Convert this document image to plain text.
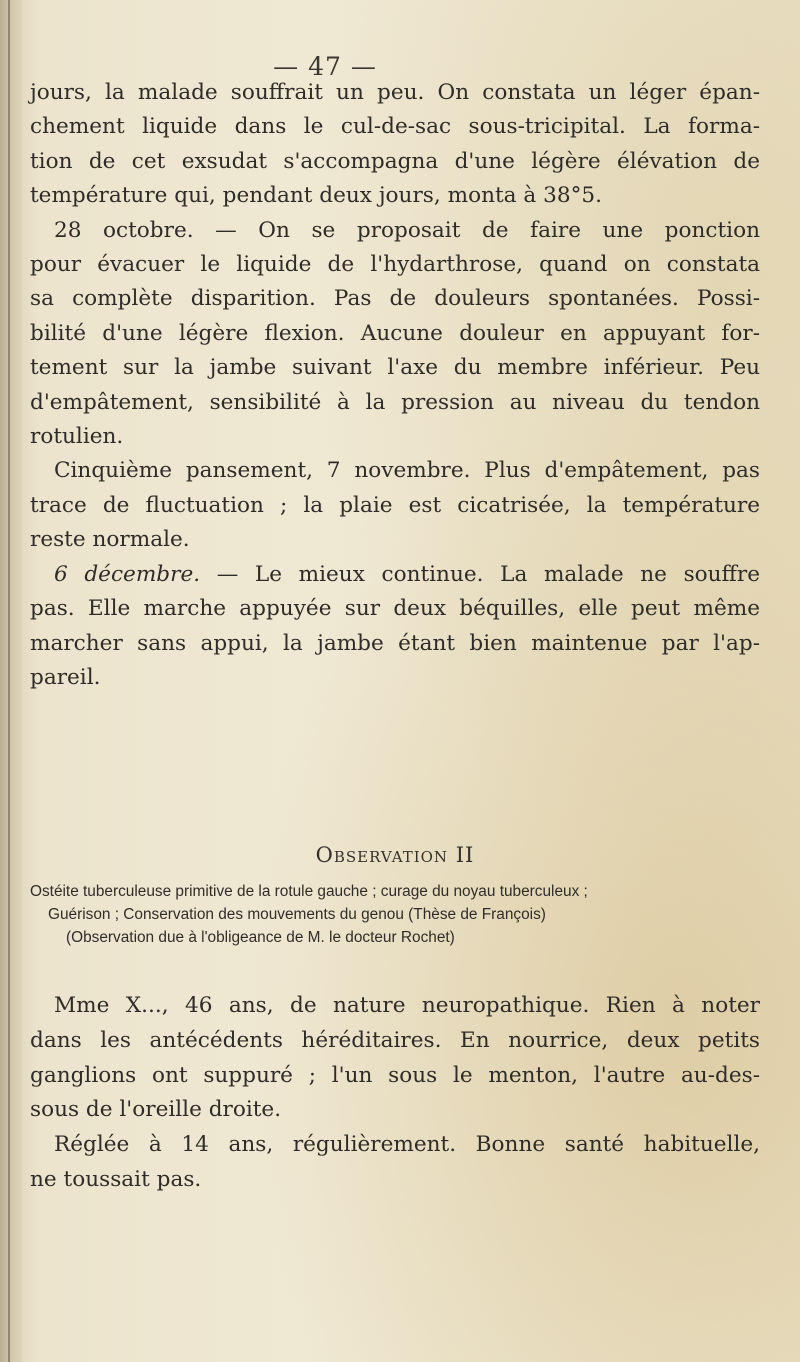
— 47 —
jours, la malade souffrait un peu. On constata un léger épan-
chement liquide dans le cul-de-sac sous-tricipital. La forma-
tion de cet exsudat s'accompagna d'une légère élévation de
température qui, pendant deux jours, monta à 38°5.
28 octobre. — On se proposait de faire une ponction
pour évacuer le liquide de l'hydarthrose, quand on constata
sa complète disparition. Pas de douleurs spontanées. Possi-
bilité d'une légère flexion. Aucune douleur en appuyant for-
tement sur la jambe suivant l'axe du membre inférieur. Peu
d'empâtement, sensibilité à la pression au niveau du tendon
rotulien.
Cinquième pansement, 7 novembre. Plus d'empâtement, pas
trace de fluctuation ; la plaie est cicatrisée, la température
reste normale.
6 décembre. — Le mieux continue. La malade ne souffre
pas. Elle marche appuyée sur deux béquilles, elle peut même
marcher sans appui, la jambe étant bien maintenue par l'ap-
pareil.
OBSERVATION II
Ostéite tuberculeuse primitive de la rotule gauche ; curage du noyau tuberculeux ;
Guérison ; Conservation des mouvements du genou (Thèse de François)
(Observation due à l'obligeance de M. le docteur Rochet)
Mme X..., 46 ans, de nature neuropathique. Rien à noter
dans les antécédents héréditaires. En nourrice, deux petits
ganglions ont suppuré ; l'un sous le menton, l'autre au-des-
sous de l'oreille droite.
Réglée à 14 ans, régulièrement. Bonne santé habituelle,
ne toussait pas.
